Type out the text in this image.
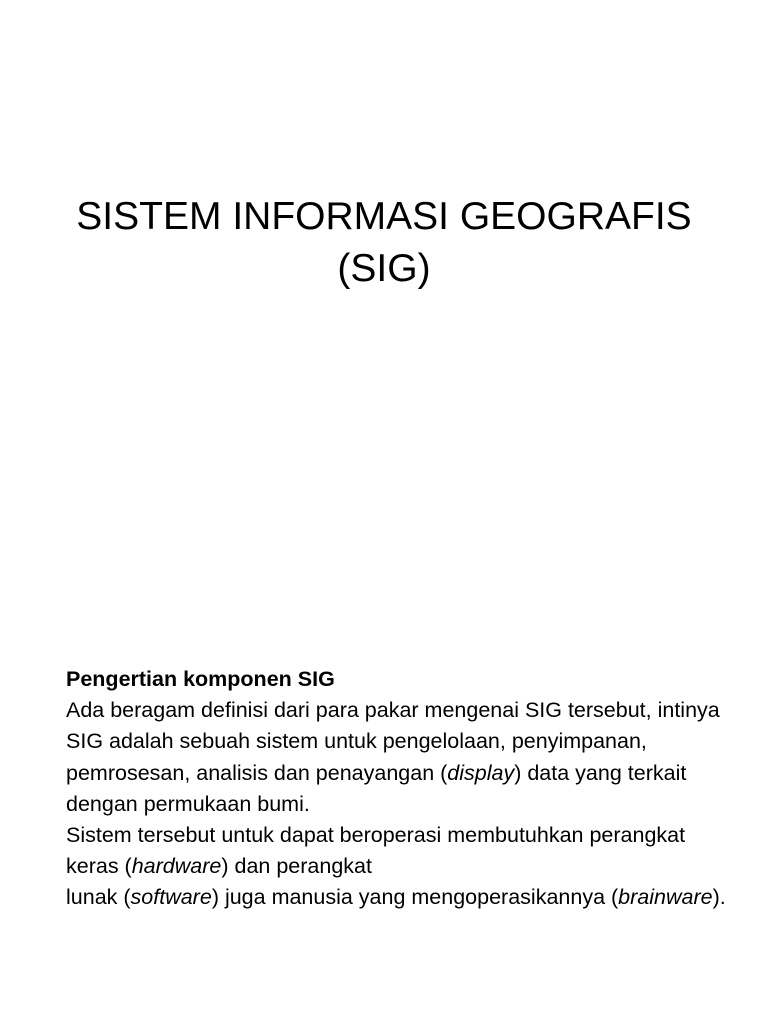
SISTEM INFORMASI GEOGRAFIS
(SIG)

Pengertian komponen SIG

Ada beragam definisi dari para pakar mengenai SIG tersebut, intinya SIG adalah sebuah sistem untuk pengelolaan, penyimpanan, pemrosesan, analisis dan penayangan (display) data yang terkait dengan permukaan bumi.

Sistem tersebut untuk dapat beroperasi membutuhkan perangkat keras (hardware) dan perangkat
lunak (software) juga manusia yang mengoperasikannya (brainware).
